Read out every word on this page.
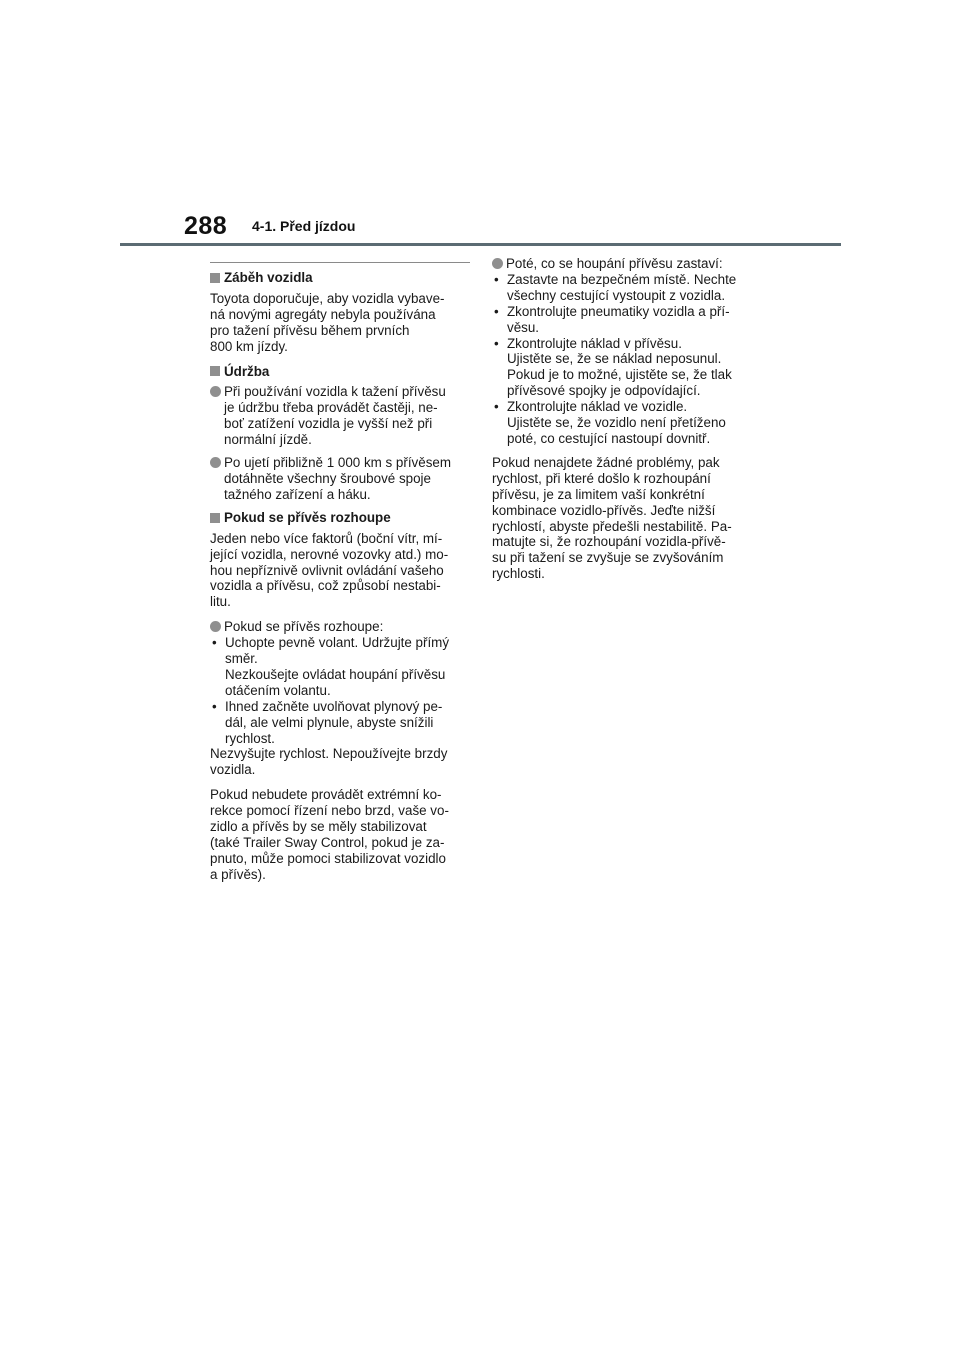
288 4-1. Před jízdou
Záběh vozidla
Toyota doporučuje, aby vozidla vybave-
ná novými agregáty nebyla používána
pro tažení přívěsu během prvních
800 km jízdy.
Údržba
Při používání vozidla k tažení přívěsu
je údržbu třeba provádět častěji, ne-
boť zatížení vozidla je vyšší než při
normální jízdě.
Po ujetí přibližně 1 000 km s přívěsem
dotáhněte všechny šroubové spoje
tažného zařízení a háku.
Pokud se přívěs rozhoupe
Jeden nebo více faktorů (boční vítr, mí-
jející vozidla, nerovné vozovky atd.) mo-
hou nepříznivě ovlivnit ovládání vašeho
vozidla a přívěsu, což způsobí nestabi-
litu.
Pokud se přívěs rozhoupe:
• Uchopte pevně volant. Udržujte přímý
směr.
Nezkoušejte ovládat houpání přívěsu
otáčením volantu.
• Ihned začněte uvolňovat plynový pe-
dál, ale velmi plynule, abyste snížili
rychlost.
Nezvyšujte rychlost. Nepoužívejte brzdy
vozidla.
Pokud nebudete provádět extrémní ko-
rekce pomocí řízení nebo brzd, vaše vo-
zidlo a přívěs by se měly stabilizovat
(také Trailer Sway Control, pokud je za-
pnuto, může pomoci stabilizovat vozidlo
a přívěs).
Poté, co se houpání přívěsu zastaví:
• Zastavte na bezpečném místě. Nechte
všechny cestující vystoupit z vozidla.
• Zkontrolujte pneumatiky vozidla a pří-
věsu.
• Zkontrolujte náklad v přívěsu.
Ujistěte se, že se náklad neposunul.
Pokud je to možné, ujistěte se, že tlak
přívěsové spojky je odpovídající.
• Zkontrolujte náklad ve vozidle.
Ujistěte se, že vozidlo není přetíženo
poté, co cestující nastoupí dovnitř.
Pokud nenajdete žádné problémy, pak
rychlost, při které došlo k rozhoupání
přívěsu, je za limitem vaší konkrétní
kombinace vozidlo-přívěs. Jeďte nižší
rychlostí, abyste předešli nestabilitě. Pa-
matujte si, že rozhoupání vozidla-přívě-
su při tažení se zvyšuje se zvyšováním
rychlosti.
